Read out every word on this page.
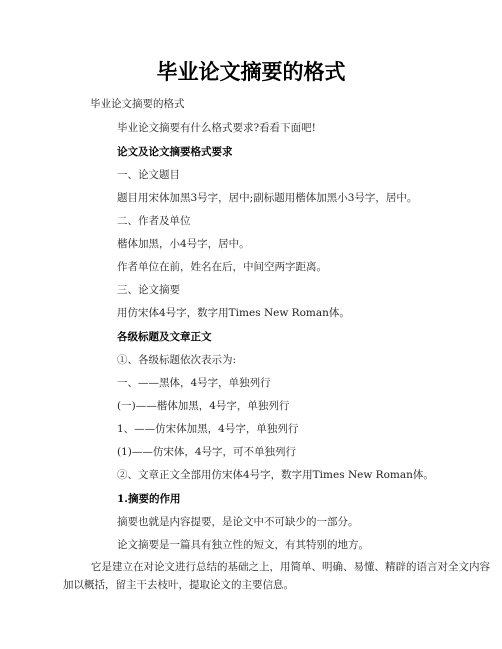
毕业论文摘要的格式
毕业论文摘要的格式
毕业论文摘要有什么格式要求?看看下面吧!
论文及论文摘要格式要求
一、论文题目
题目用宋体加黑3号字，居中;副标题用楷体加黑小3号字，居中。
二、作者及单位
楷体加黑，小4号字，居中。
作者单位在前，姓名在后，中间空两字距离。
三、论文摘要
用仿宋体4号字，数字用Times New Roman体。
各级标题及文章正文
①、各级标题依次表示为:
一、——黑体，4号字，单独列行
(一)——楷体加黑，4号字，单独列行
1、——仿宋体加黑，4号字，单独列行
(1)——仿宋体，4号字，可不单独列行
②、文章正文全部用仿宋体4号字，数字用Times New Roman体。
1.摘要的作用
摘要也就是内容提要，是论文中不可缺少的一部分。
论文摘要是一篇具有独立性的短文，有其特别的地方。
它是建立在对论文进行总结的基础之上，用简单、明确、易懂、精辟的语言对全文内容加以概括，留主干去枝叶，提取论文的主要信息。
